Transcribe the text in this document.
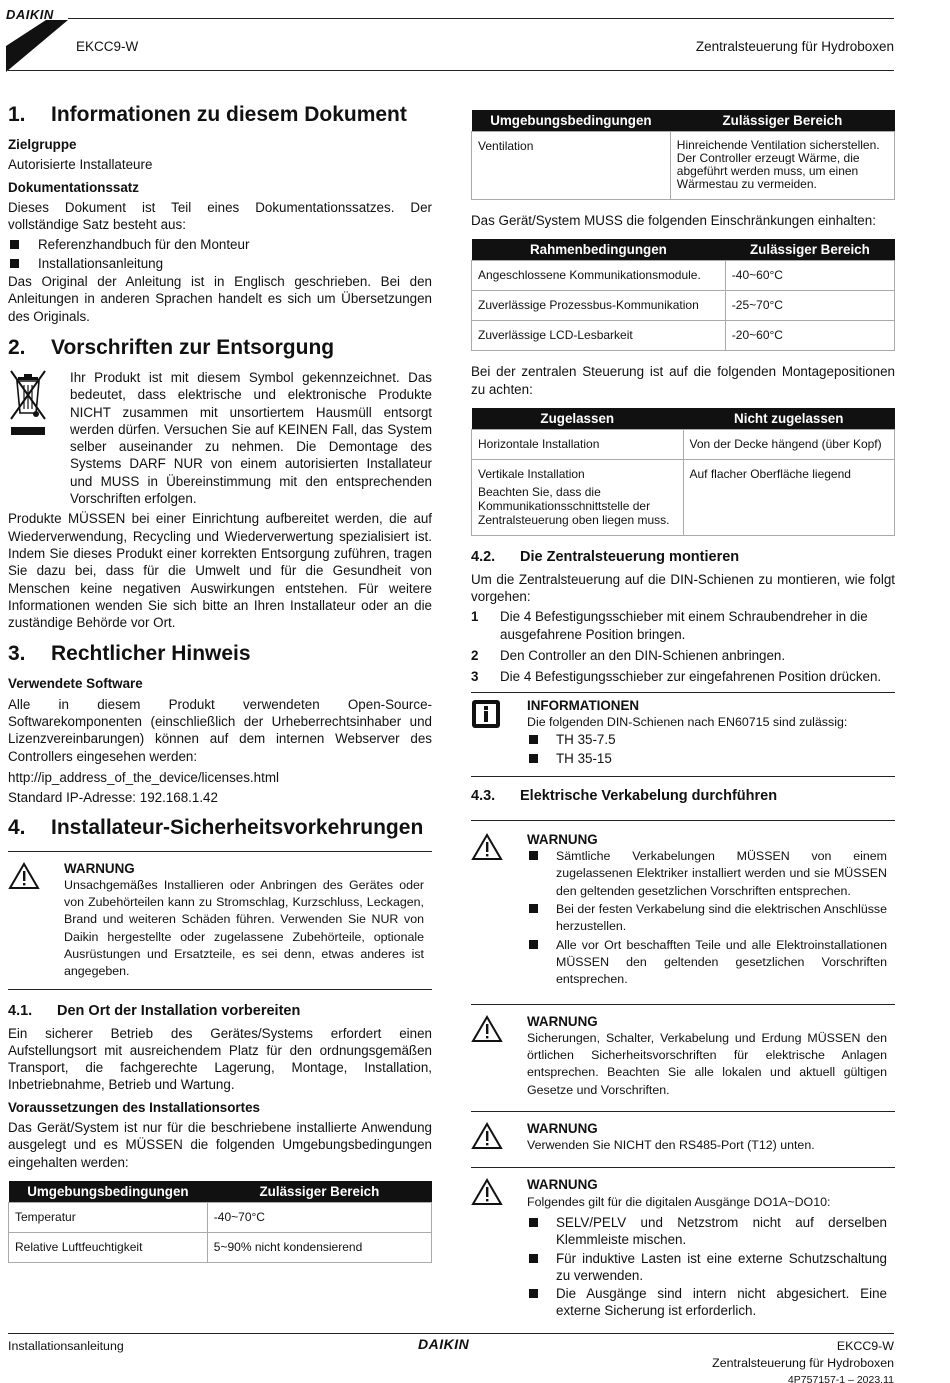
DAIKIN
EKCC9-W	Zentralsteuerung für Hydroboxen
1.	Informationen zu diesem Dokument
Zielgruppe

Autorisierte Installateure

Dokumentationssatz

Dieses Dokument ist Teil eines Dokumentationssatzes. Der vollständige Satz besteht aus:

Referenzhandbuch für den Monteur
Installationsanleitung

Das Original der Anleitung ist in Englisch geschrieben. Bei den Anleitungen in anderen Sprachen handelt es sich um Übersetzungen des Originals.

2.	Vorschriften zur Entsorgung

Ihr Produkt ist mit diesem Symbol gekennzeichnet. Das bedeutet, dass elektrische und elektronische Produkte NICHT zusammen mit unsortiertem Hausmüll entsorgt werden dürfen. Versuchen Sie auf KEINEN Fall, das System selber auseinander zu nehmen. Die Demontage des Systems DARF NUR von einem autorisierten Installateur und MUSS in Übereinstimmung mit den entsprechenden Vorschriften erfolgen.

Produkte MÜSSEN bei einer Einrichtung aufbereitet werden, die auf Wiederverwendung, Recycling und Wiederverwertung spezialisiert ist. Indem Sie dieses Produkt einer korrekten Entsorgung zuführen, tragen Sie dazu bei, dass für die Umwelt und für die Gesundheit von Menschen keine negativen Auswirkungen entstehen. Für weitere Informationen wenden Sie sich bitte an Ihren Installateur oder an die zuständige Behörde vor Ort.

3.	Rechtlicher Hinweis
Verwendete Software

Alle in diesem Produkt verwendeten Open-Source-Softwarekomponenten (einschließlich der Urheberrechtsinhaber und Lizenzvereinbarungen) können auf dem internen Webserver des Controllers eingesehen werden:

http://ip_address_of_the_device/licenses.html

Standard IP-Adresse: 192.168.1.42

4.	Installateur-Sicherheitsvorkehrungen
WARNUNG
Unsachgemäßes Installieren oder Anbringen des Gerätes oder von Zubehörteilen kann zu Stromschlag, Kurzschluss, Leckagen, Brand und weiteren Schäden führen. Verwenden Sie NUR von Daikin hergestellte oder zugelassene Zubehörteile, optionale Ausrüstungen und Ersatzteile, es sei denn, etwas anderes ist angegeben.
4.1.	Den Ort der Installation vorbereiten

Ein sicherer Betrieb des Gerätes/Systems erfordert einen Aufstellungsort mit ausreichendem Platz für den ordnungsgemäßen Transport, die fachgerechte Lagerung, Montage, Installation, Inbetriebnahme, Betrieb und Wartung.

Voraussetzungen des Installationsortes

Das Gerät/System ist nur für die beschriebene installierte Anwendung ausgelegt und es MÜSSEN die folgenden Umgebungsbedingungen eingehalten werden:

Umgebungsbedingungen	Zulässiger Bereich
Temperatur	-40~70°C
Relative Luftfeuchtigkeit	5~90% nicht kondensierend
Umgebungsbedingungen	Zulässiger Bereich
Ventilation	Hinreichende Ventilation sicherstellen.
Der Controller erzeugt Wärme, die abgeführt werden muss, um einen Wärmestau zu vermeiden.

Das Gerät/System MUSS die folgenden Einschränkungen einhalten:

Rahmenbedingungen	Zulässiger Bereich
Angeschlossene Kommunikationsmodule.	-40~60°C
Zuverlässige Prozessbus-Kommunikation	-25~70°C
Zuverlässige LCD-Lesbarkeit	-20~60°C

Bei der zentralen Steuerung ist auf die folgenden Montagepositionen zu achten:

Zugelassen	Nicht zugelassen
Horizontale Installation	Von der Decke hängend (über Kopf)

Vertikale Installation
Beachten Sie, dass die Kommunikationsschnittstelle der Zentralsteuerung oben liegen muss.	Auf flacher Oberfläche liegend
4.2.	Die Zentralsteuerung montieren

Um die Zentralsteuerung auf die DIN-Schienen zu montieren, wie folgt vorgehen:

1	Die 4 Befestigungsschieber mit einem Schraubendreher in die ausgefahrene Position bringen.
2	Den Controller an den DIN-Schienen anbringen.
3	Die 4 Befestigungsschieber zur eingefahrenen Position drücken.
INFORMATIONEN
Die folgenden DIN-Schienen nach EN60715 sind zulässig:
TH 35-7.5
TH 35-15
4.3.	Elektrische Verkabelung durchführen
WARNUNG
Sämtliche Verkabelungen MÜSSEN von einem zugelassenen Elektriker installiert werden und sie MÜSSEN den geltenden gesetzlichen Vorschriften entsprechen.
Bei der festen Verkabelung sind die elektrischen Anschlüsse herzustellen.
Alle vor Ort beschafften Teile und alle Elektroinstallationen MÜSSEN den geltenden gesetzlichen Vorschriften entsprechen.
WARNUNG
Sicherungen, Schalter, Verkabelung und Erdung MÜSSEN den örtlichen Sicherheitsvorschriften für elektrische Anlagen entsprechen. Beachten Sie alle lokalen und aktuell gültigen Gesetze und Vorschriften.
WARNUNG
Verwenden Sie NICHT den RS485-Port (T12) unten.
WARNUNG
Folgendes gilt für die digitalen Ausgänge DO1A~DO10:
SELV/PELV und Netzstrom nicht auf derselben Klemmleiste mischen.
Für induktive Lasten ist eine externe Schutzschaltung zu verwenden.
Die Ausgänge sind intern nicht abgesichert. Eine externe Sicherung ist erforderlich.
Installationsanleitung	DAIKIN	EKCC9-W
Zentralsteuerung für Hydroboxen
4P757157-1 – 2023.11
